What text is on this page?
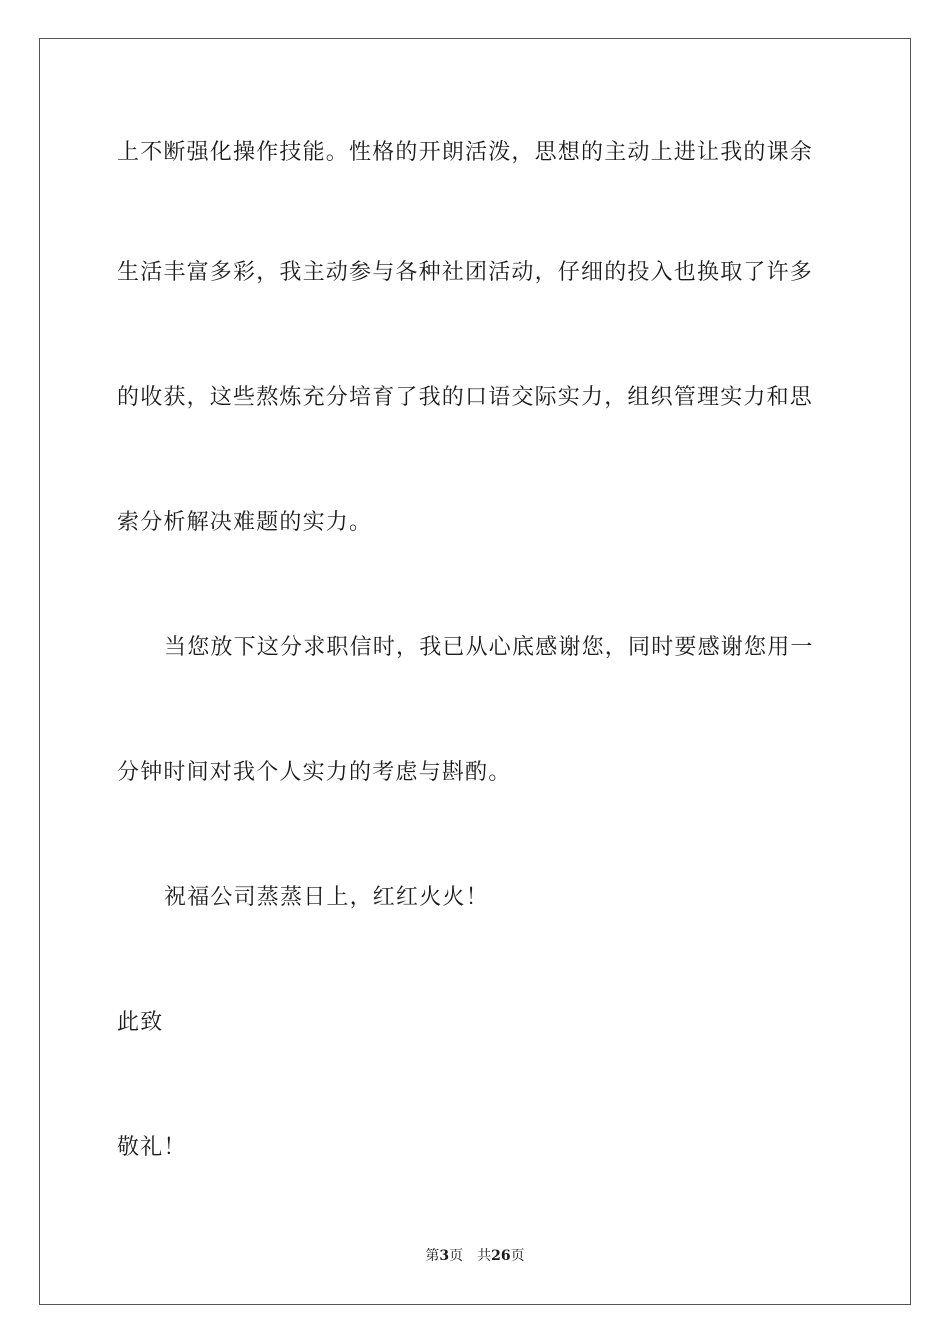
上不断强化操作技能。性格的开朗活泼，思想的主动上进让我的课余
生活丰富多彩，我主动参与各种社团活动，仔细的投入也换取了许多
的收获，这些熬炼充分培育了我的口语交际实力，组织管理实力和思
索分析解决难题的实力。
当您放下这分求职信时，我已从心底感谢您，同时要感谢您用一
分钟时间对我个人实力的考虑与斟酌。
祝福公司蒸蒸日上，红红火火！
此致
敬礼！
第3页 共26页
